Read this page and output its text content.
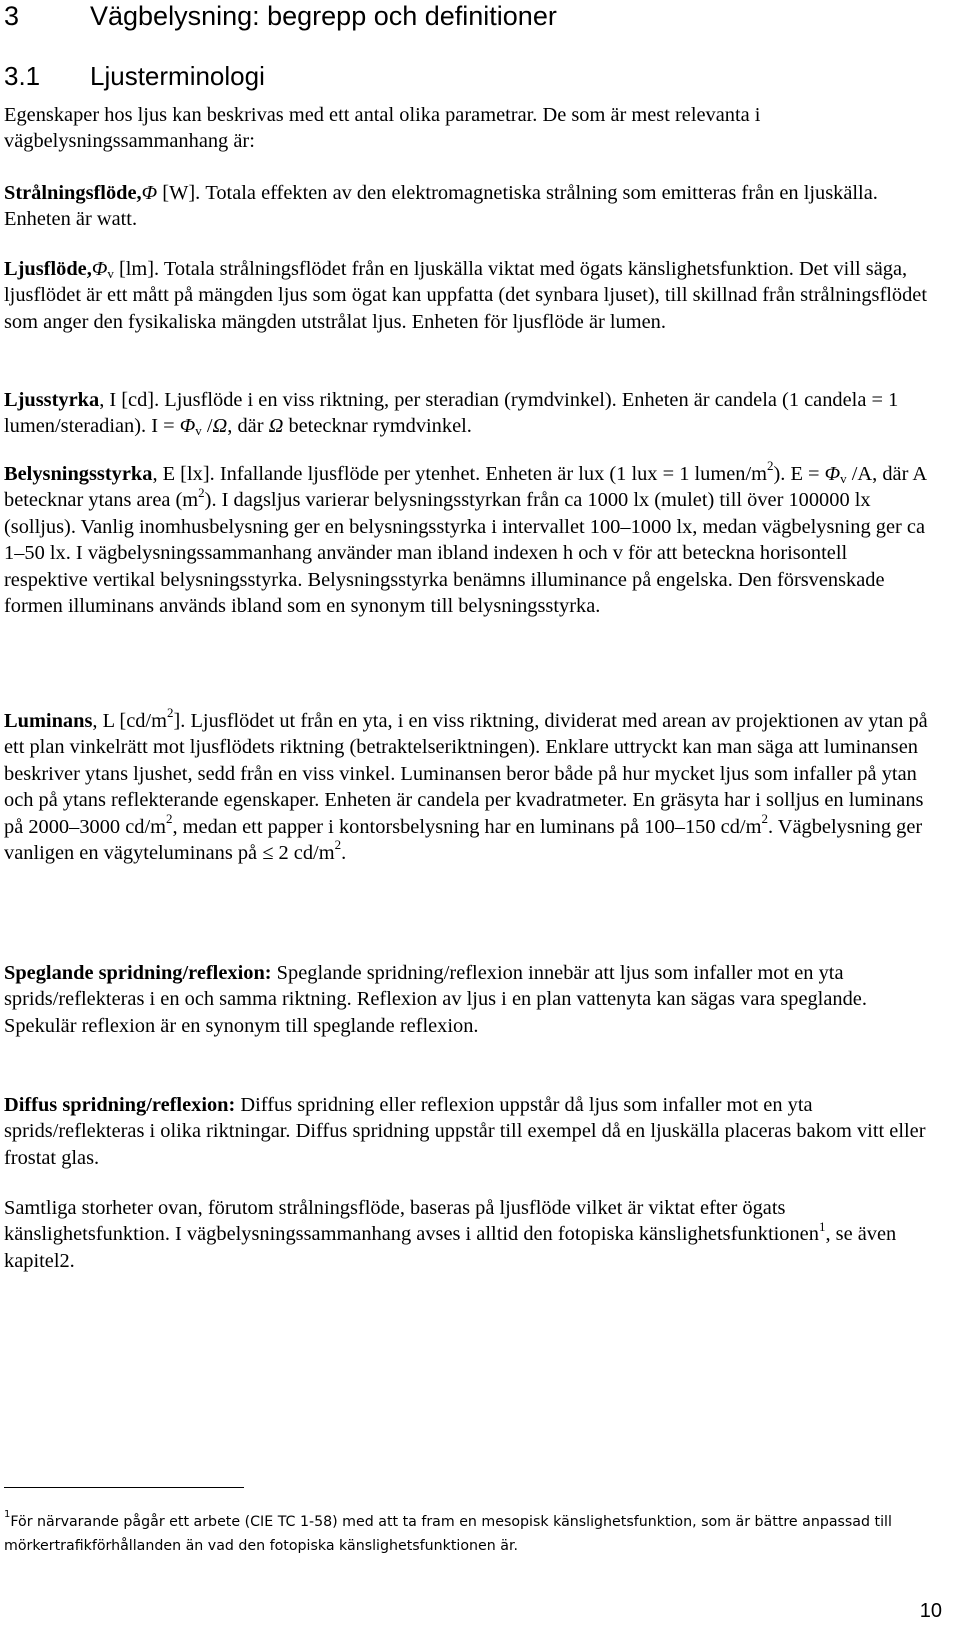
3	Vägbelysning: begrepp och definitioner
3.1 Ljusterminologi

Egenskaper hos ljus kan beskrivas med ett antal olika parametrar. De som är mest relevanta i vägbelysningssammanhang är:

Strålningsflöde,Φ [W]. Totala effekten av den elektromagnetiska strålning som emitteras från en ljuskälla. Enheten är watt.

$Ljusflöde,\Phi_v$ [lm]. Totala strålningsflödet från en ljuskälla viktat med ögats känslighetsfunktion. Det vill säga, ljusflödet är ett mått på mängden ljus som ögat kan uppfatta (det synbara ljuset), till skillnad från strålningsflödet som anger den fysikaliska mängden utstrålat ljus. Enheten för ljusflöde är lumen.

Ljusstyrka, I [cd]. Ljusflöde i en viss riktning, per steradian (rymdvinkel). Enheten är candela (1 candela = 1 lumen/steradian). $I = \Phi_v$ /Ω, där Ω betecknar rymdvinkel.

Belysningsstyrka, E [lx]. Infallande ljusflöde per ytenhet. Enheten är lux (1 lux = 1 lumen/$m^2$). $E = \Phi_v$ /A, där A betecknar ytans area $(m^2)$. I dagsljus varierar belysningsstyrkan från ca 1000 lx (mulet) till över 100000 lx (solljus). Vanlig inomhusbelysning ger en belysningsstyrka i intervallet 100–1000 lx, medan vägbelysning ger ca 1–50 lx. I vägbelysningssammanhang använder man ibland indexen h och v för att beteckna horisontell respektive vertikal belysningsstyrka. Belysningsstyrka benämns illuminance på engelska. Den försvenskade formen illuminans används ibland som en synonym till belysningsstyrka.

Luminans, L $[cd/m^2]$. Ljusflödet ut från en yta, i en viss riktning, dividerat med arean av projektionen av ytan på ett plan vinkelrätt mot ljusflödets riktning (betraktelseriktningen). Enklare uttryckt kan man säga att luminansen beskriver ytans ljushet, sedd från en viss vinkel. Luminansen beror både på hur mycket ljus som infaller på ytan och på ytans reflekterande egenskaper. Enheten är candela per kvadratmeter. En gräsyta har i solljus en luminans på 2000–3000 $cd/m^2$, medan ett papper i kontorsbelysning har en luminans på 100–150 $cd/m^2$. Vägbelysning ger vanligen en vägyteluminans på ≤ 2 $cd/m^2$.

Speglande spridning/reflexion: Speglande spridning/reflexion innebär att ljus som infaller mot en yta sprids/reflekteras i en och samma riktning. Reflexion av ljus i en plan vattenyta kan sägas vara speglande. Spekulär reflexion är en synonym till speglande reflexion.

Diffus spridning/reflexion: Diffus spridning eller reflexion uppstår då ljus som infaller mot en yta sprids/reflekteras i olika riktningar. Diffus spridning uppstår till exempel då en ljuskälla placeras bakom vitt eller frostat glas.

Samtliga storheter ovan, förutom strålningsflöde, baseras på ljusflöde vilket är viktat efter ögats känslighetsfunktion. I vägbelysningssammanhang avses i alltid den fotopiska känslighetsfunktionen$^1$, se även kapitel2.

$^1$För närvarande pågår ett arbete (CIE TC 1-58) med att ta fram en mesopisk känslighetsfunktion, som är bättre anpassad till mörkertrafikförhållanden än vad den fotopiska känslighetsfunktionen är.

10
